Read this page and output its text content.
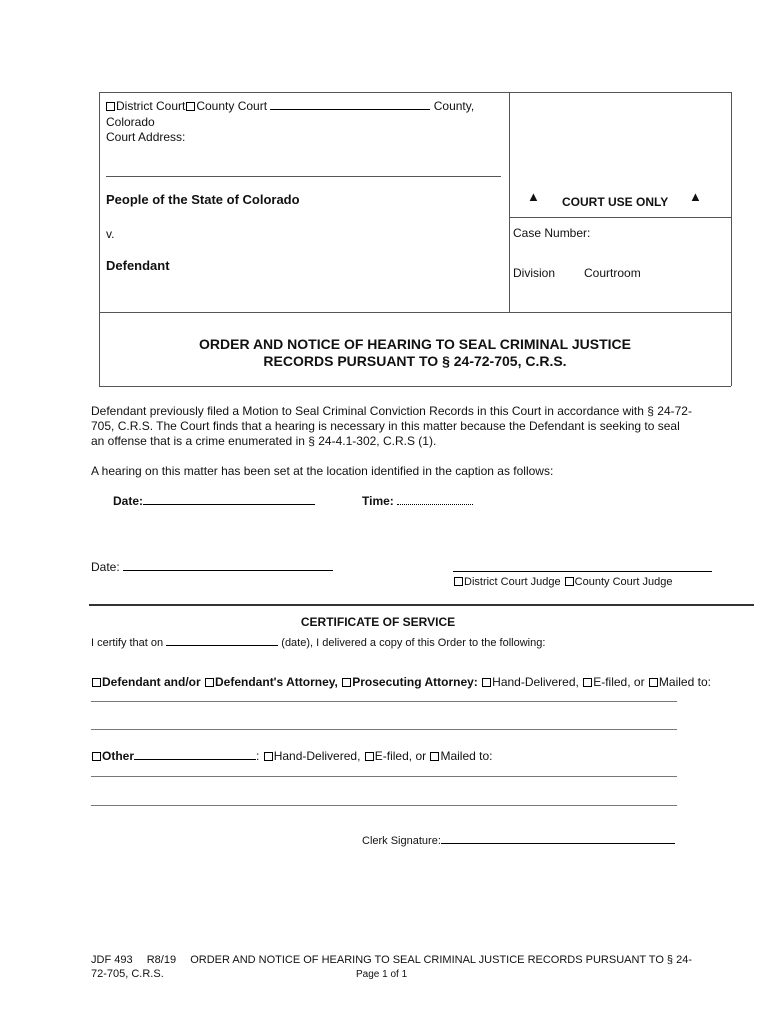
District Court County Court	County,
Colorado
Court Address:
People of the State of Colorado
v.
Defendant
▲ COURT USE ONLY ▲
Case Number:
Division Courtroom
ORDER AND NOTICE OF HEARING TO SEAL CRIMINAL JUSTICE
RECORDS PURSUANT TO § 24-72-705, C.R.S.
Defendant previously filed a Motion to Seal Criminal Conviction Records in this Court in accordance with § 24-72-
705, C.R.S. The Court finds that a hearing is necessary in this matter because the Defendant is seeking to seal
an offense that is a crime enumerated in § 24-4.1-302, C.R.S (1).
A hearing on this matter has been set at the location identified in the caption as follows:
Date:	Time:
Date:
District Court Judge County Court Judge
CERTIFICATE OF SERVICE
I certify that on	(date), I delivered a copy of this Order to the following:
Defendant and/or Defendant's Attorney, Prosecuting Attorney: Hand-Delivered, E-filed, or Mailed to:
Other	: Hand-Delivered, E-filed, or Mailed to:
Clerk Signature:
JDF 493 R8/19 ORDER AND NOTICE OF HEARING TO SEAL CRIMINAL JUSTICE RECORDS PURSUANT TO § 24-
72-705, C.R.S.	Page 1 of 1
